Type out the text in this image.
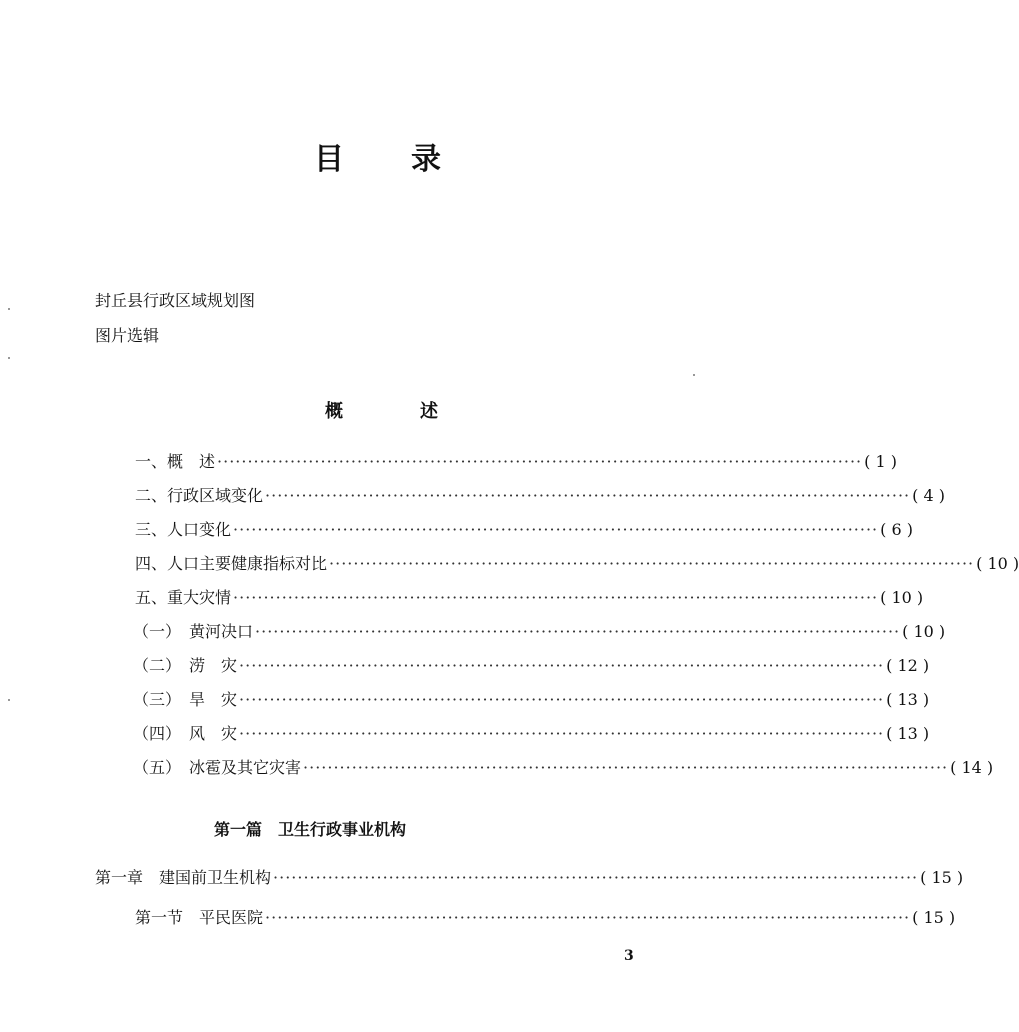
目 录
封丘县行政区域规划图
图片选辑
概	述
一、概　述 ·········································································································· ( 1 )
二、行政区域变化 ·········································································································· ( 4 )
三、人口变化 ·········································································································· ( 6 )
四、人口主要健康指标对比 ·········································································································· ( 10 )
五、重大灾情 ·········································································································· ( 10 )
（一）　黄河决口 ·········································································································· ( 10 )
（二）　涝　灾 ·········································································································· ( 12 )
（三）　旱　灾 ·········································································································· ( 13 )
（四）　风　灾 ·········································································································· ( 13 )
（五）　冰雹及其它灾害 ·········································································································· ( 14 )
第一篇　卫生行政事业机构
第一章　建国前卫生机构 ·········································································································· ( 15 )
第一节　平民医院 ·········································································································· ( 15 )
3
